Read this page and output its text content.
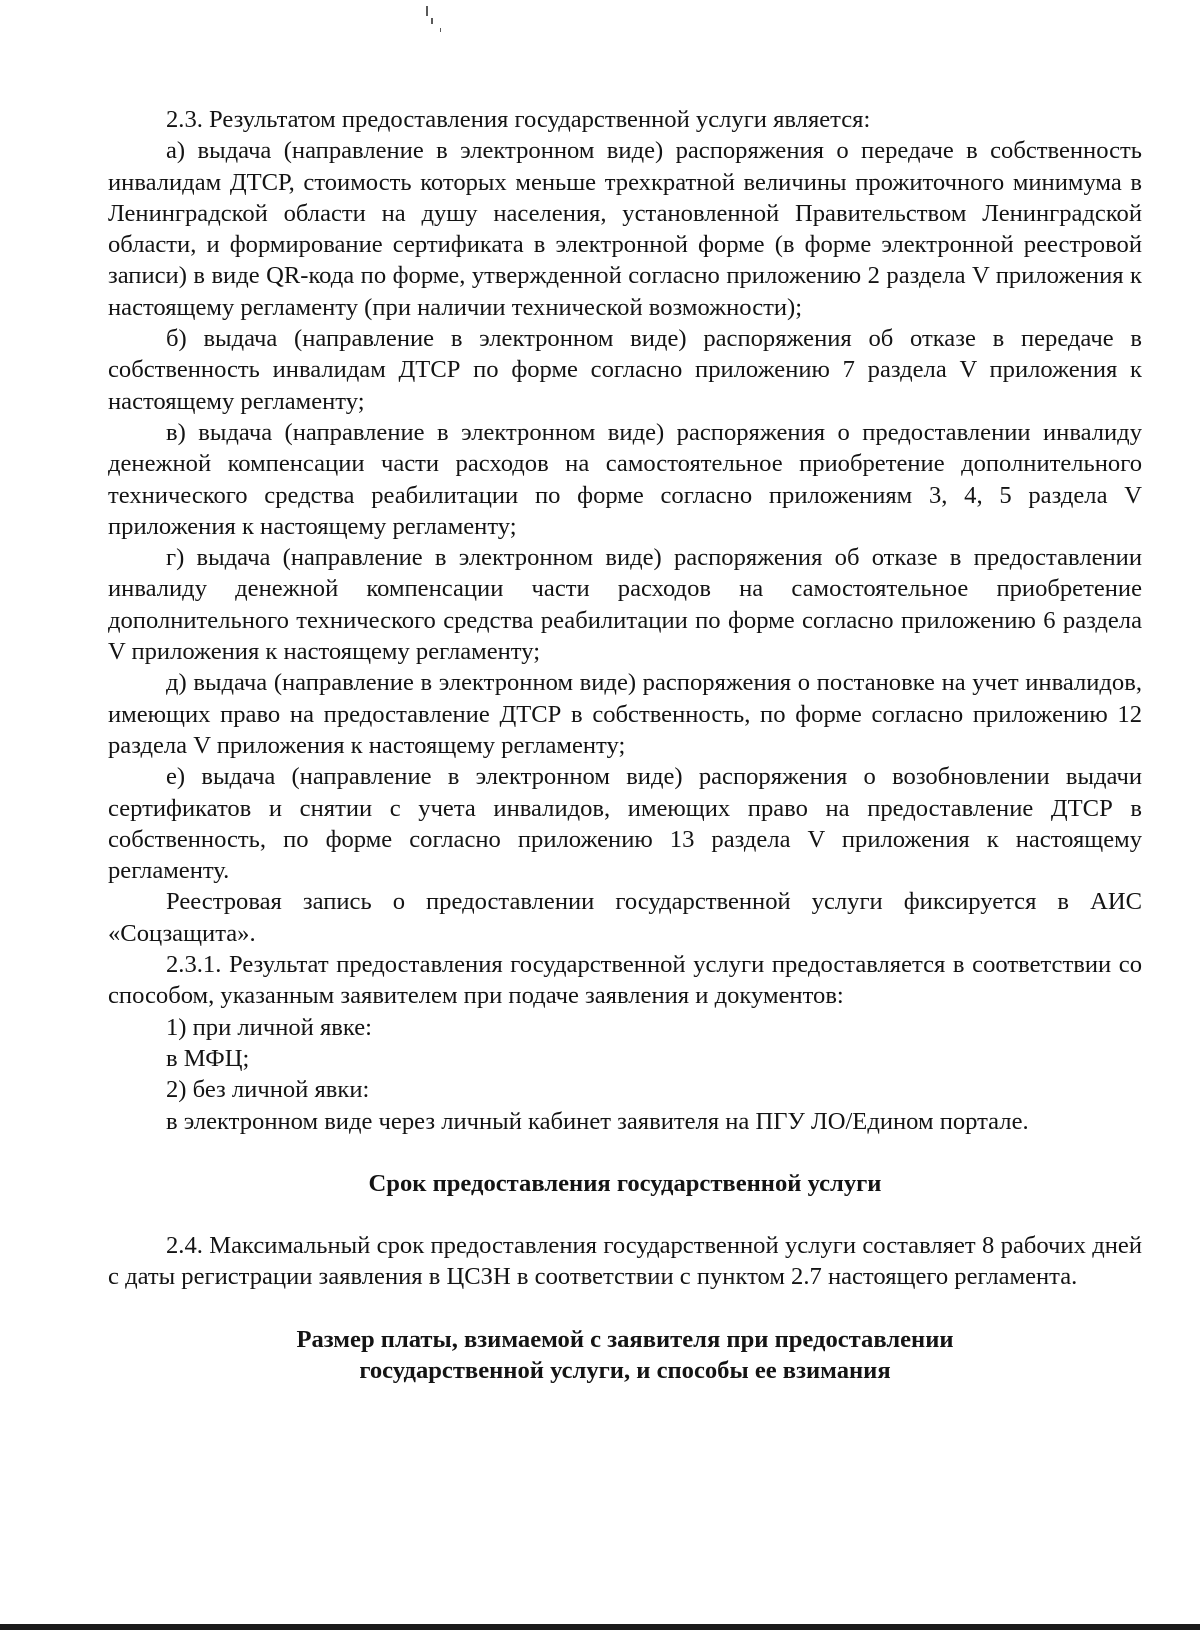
2.3. Результатом предоставления государственной услуги является:

а) выдача (направление в электронном виде) распоряжения о передаче в собственность инвалидам ДТСР, стоимость которых меньше трехкратной величины прожиточного минимума в Ленинградской области на душу населения, установленной Правительством Ленинградской области, и формирование сертификата в электронной форме (в форме электронной реестровой записи) в виде QR-кода по форме, утвержденной согласно приложению 2 раздела V приложения к настоящему регламенту (при наличии технической возможности);

б) выдача (направление в электронном виде) распоряжения об отказе в передаче в собственность инвалидам ДТСР по форме согласно приложению 7 раздела V приложения к настоящему регламенту;

в) выдача (направление в электронном виде) распоряжения о предоставлении инвалиду денежной компенсации части расходов на самостоятельное приобретение дополнительного технического средства реабилитации по форме согласно приложениям 3, 4, 5 раздела V приложения к настоящему регламенту;

г) выдача (направление в электронном виде) распоряжения об отказе в предоставлении инвалиду денежной компенсации части расходов на самостоятельное приобретение дополнительного технического средства реабилитации по форме согласно приложению 6 раздела V приложения к настоящему регламенту;

д) выдача (направление в электронном виде) распоряжения о постановке на учет инвалидов, имеющих право на предоставление ДТСР в собственность, по форме согласно приложению 12 раздела V приложения к настоящему регламенту;

е) выдача (направление в электронном виде) распоряжения о возобновлении выдачи сертификатов и снятии с учета инвалидов, имеющих право на предоставление ДТСР в собственность, по форме согласно приложению 13 раздела V приложения к настоящему регламенту.

Реестровая запись о предоставлении государственной услуги фиксируется в АИС «Соцзащита».

2.3.1. Результат предоставления государственной услуги предоставляется в соответствии со способом, указанным заявителем при подаче заявления и документов:

1) при личной явке:

в МФЦ;

2) без личной явки:

в электронном виде через личный кабинет заявителя на ПГУ ЛО/Едином портале.

Срок предоставления государственной услуги

2.4. Максимальный срок предоставления государственной услуги составляет 8 рабочих дней с даты регистрации заявления в ЦСЗН в соответствии с пунктом 2.7 настоящего регламента.

Размер платы, взимаемой с заявителя при предоставлении

государственной услуги, и способы ее взимания
